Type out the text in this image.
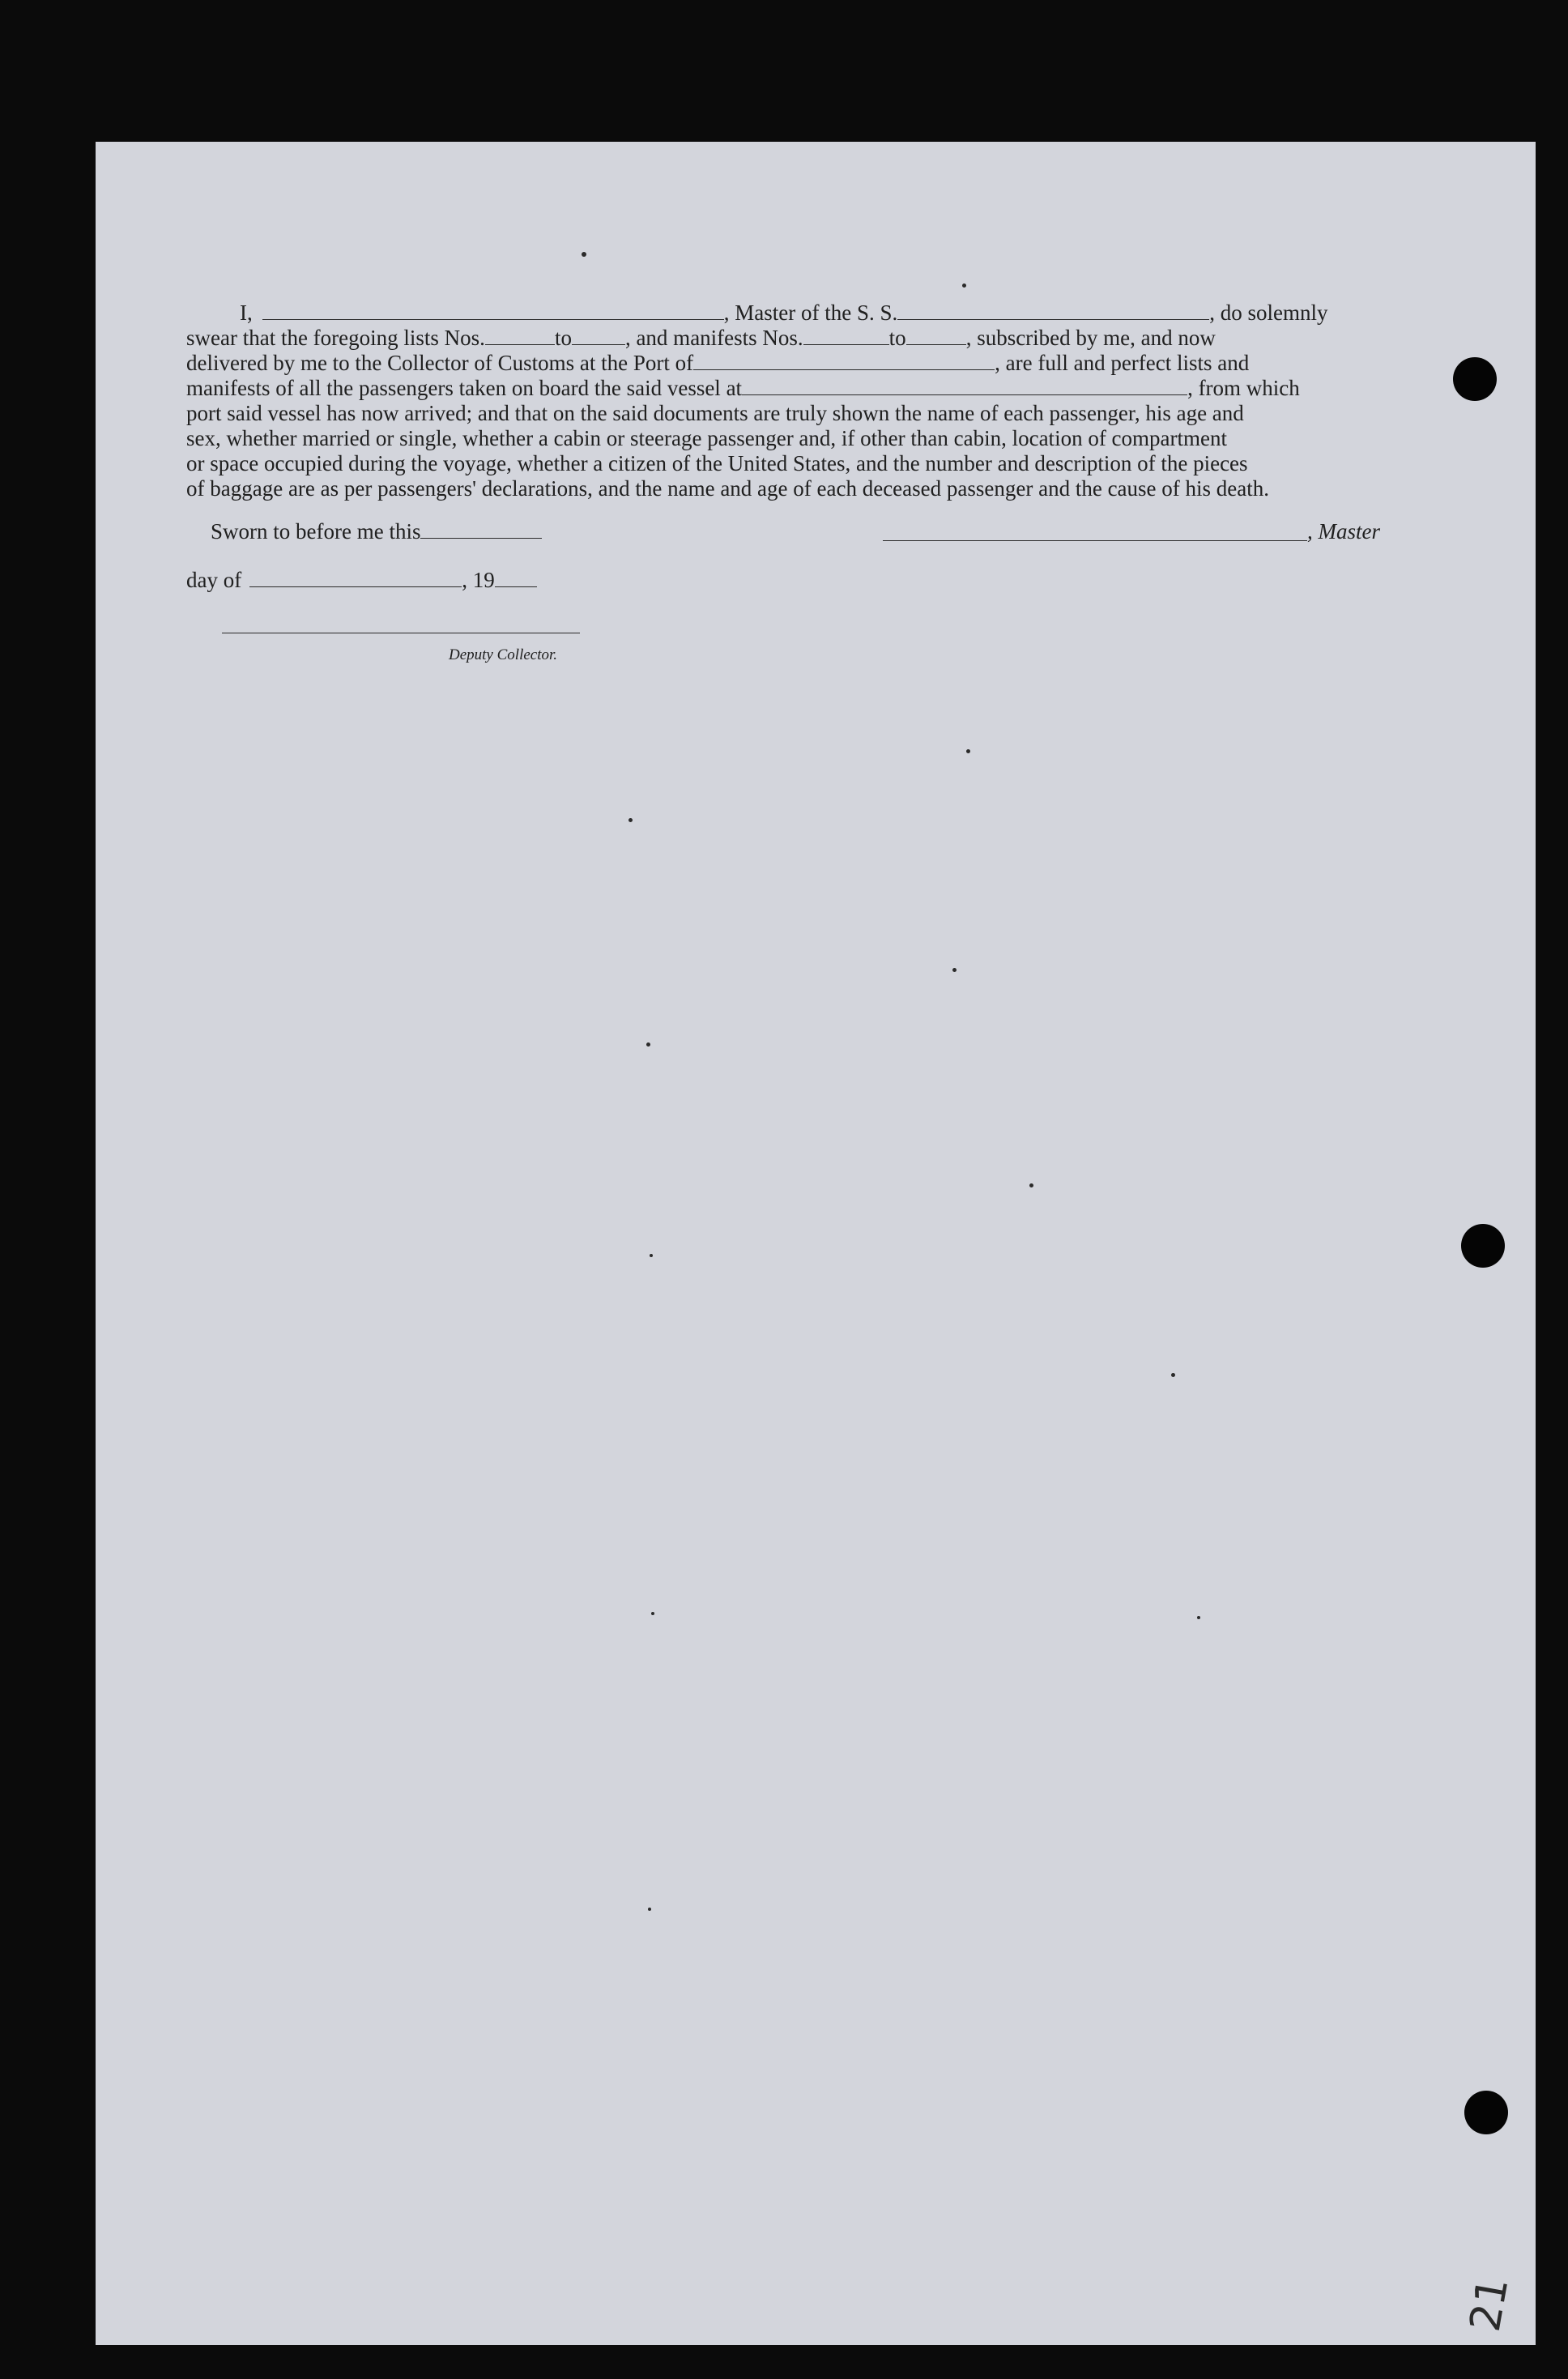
I,	, Master of the S. S.	, do solemnly
swear that the foregoing lists Nos.	to , and manifests Nos.	to	, subscribed by me, and now
delivered by me to the Collector of Customs at the Port of	, are full and perfect lists and
manifests of all the passengers taken on board the said vessel at	, from which
port said vessel has now arrived; and that on the said documents are truly shown the name of each passenger, his age and
sex, whether married or single, whether a cabin or steerage passenger and, if other than cabin, location of compartment
or space occupied during the voyage, whether a citizen of the United States, and the number and description of the pieces
of baggage are as per passengers' declarations, and the name and age of each deceased passenger and the cause of his death.
Sworn to before me this	, Master
day of	, 19
Deputy Collector.
21
